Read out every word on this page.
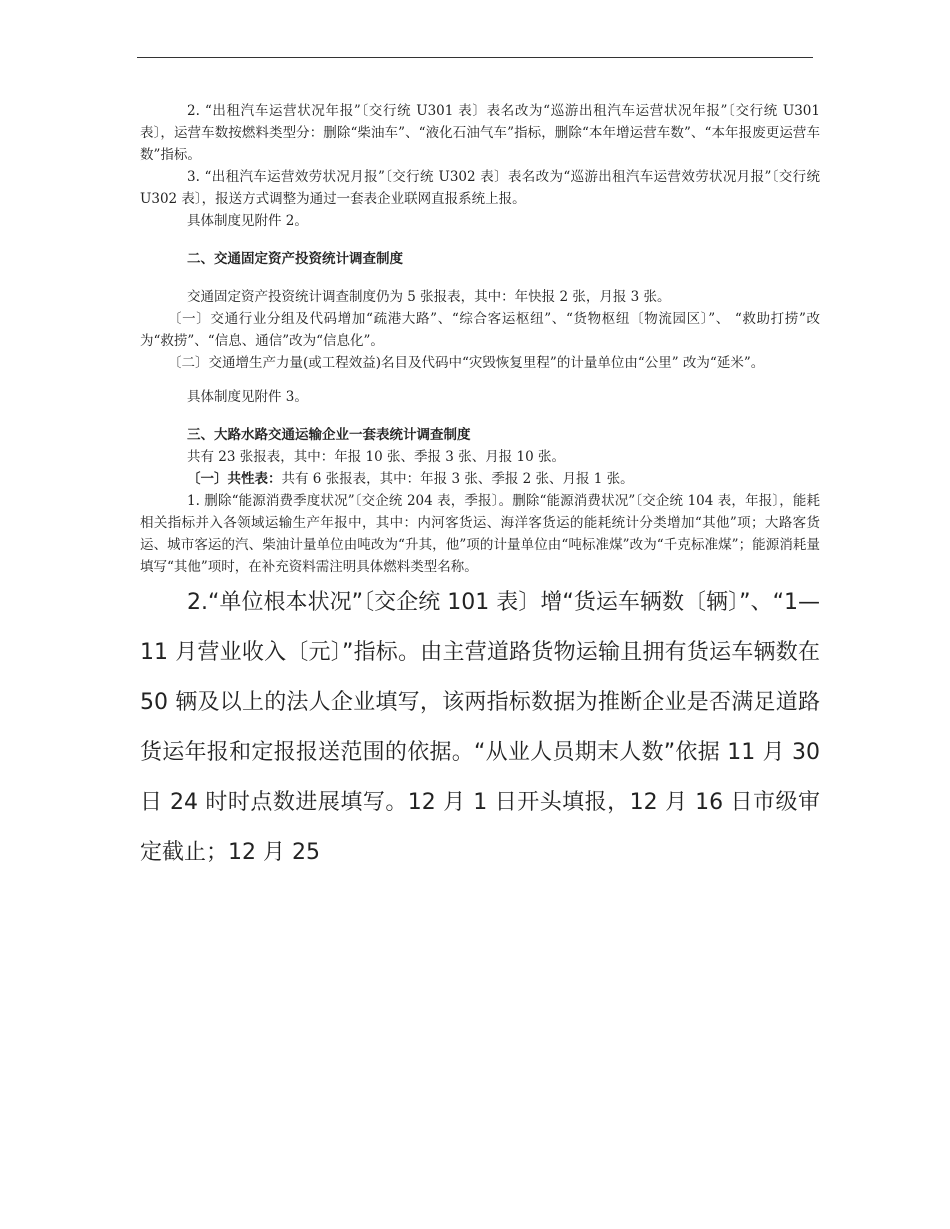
2. “出租汽车运营状况年报”〔交行统 U301 表〕表名改为“巡游出租汽车运营状况年报”〔交行统 U301 表〕，运营车数按燃料类型分：删除“柴油车”、“液化石油气车”指标，删除“本年增运营车数”、“本年报废更运营车数”指标。

3. “出租汽车运营效劳状况月报”〔交行统 U302 表〕表名改为“巡游出租汽车运营效劳状况月报”〔交行统 U302 表〕，报送方式调整为通过一套表企业联网直报系统上报。

具体制度见附件 2。

二、交通固定资产投资统计调查制度

交通固定资产投资统计调查制度仍为 5 张报表，其中：年快报 2 张，月报 3 张。

〔一〕交通行业分组及代码增加“疏港大路”、“综合客运枢纽”、“货物枢纽〔物流园区〕”、 “救助打捞”改为“救捞”、“信息、通信”改为“信息化”。

〔二〕交通增生产力量(或工程效益)名目及代码中“灾毁恢复里程”的计量单位由“公里” 改为“延米”。

具体制度见附件 3。

三、大路水路交通运输企业一套表统计调查制度

共有 23 张报表，其中：年报 10 张、季报 3 张、月报 10 张。

〔一〕共性表：共有 6 张报表，其中：年报 3 张、季报 2 张、月报 1 张。

1. 删除“能源消费季度状况”〔交企统 204 表，季报〕。删除“能源消费状况”〔交企统 104 表，年报〕，能耗相关指标并入各领域运输生产年报中，其中：内河客货运、海洋客货运的能耗统计分类增加“其他”项；大路客货运、城市客运的汽、柴油计量单位由吨改为“升其，他”项的计量单位由“吨标准煤”改为“千克标准煤”；能源消耗量填写“其他”项时，在补充资料需注明具体燃料类型名称。

2.“单位根本状况”〔交企统 101 表〕增“货运车辆数〔辆〕”、“1—11 月营业收入〔元〕”指标。由主营道路货物运输且拥有货运车辆数在 50 辆及以上的法人企业填写，该两指标数据为推断企业是否满足道路货运年报和定报报送范围的依据。“从业人员期末人数”依据 11 月 30 日 24 时时点数进展填写。12 月 1 日开头填报，12 月 16 日市级审定截止；12 月 25
